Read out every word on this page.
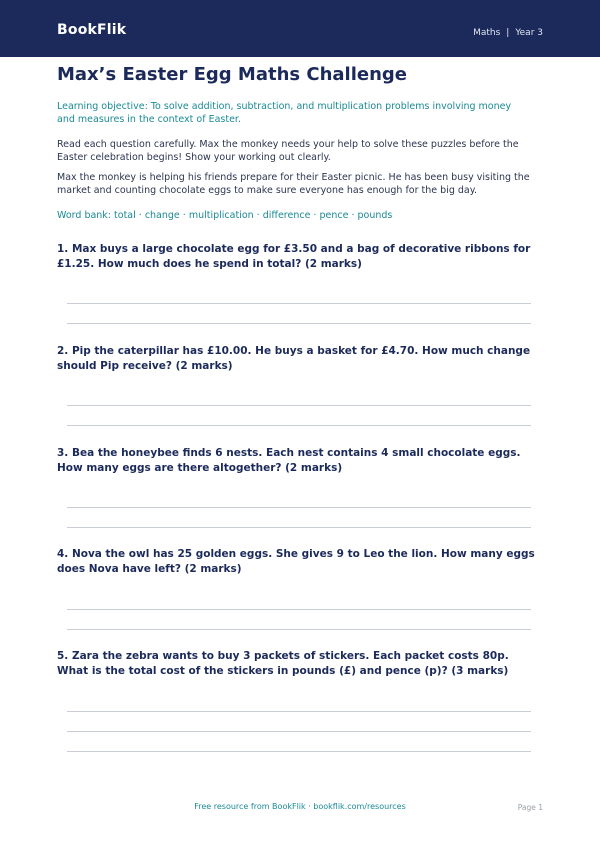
BookFlik	Maths | Year 3
Max’s Easter Egg Maths Challenge
Learning objective: To solve addition, subtraction, and multiplication problems involving money and measures in the context of Easter.
Read each question carefully. Max the monkey needs your help to solve these puzzles before the Easter celebration begins! Show your working out clearly.
Max the monkey is helping his friends prepare for their Easter picnic. He has been busy visiting the market and counting chocolate eggs to make sure everyone has enough for the big day.
Word bank: total · change · multiplication · difference · pence · pounds
1. Max buys a large chocolate egg for £3.50 and a bag of decorative ribbons for £1.25. How much does he spend in total? (2 marks)
2. Pip the caterpillar has £10.00. He buys a basket for £4.70. How much change should Pip receive? (2 marks)
3. Bea the honeybee finds 6 nests. Each nest contains 4 small chocolate eggs. How many eggs are there altogether? (2 marks)
4. Nova the owl has 25 golden eggs. She gives 9 to Leo the lion. How many eggs does Nova have left? (2 marks)
5. Zara the zebra wants to buy 3 packets of stickers. Each packet costs 80p. What is the total cost of the stickers in pounds (£) and pence (p)? (3 marks)
Free resource from BookFlik · bookflik.com/resources	Page 1
